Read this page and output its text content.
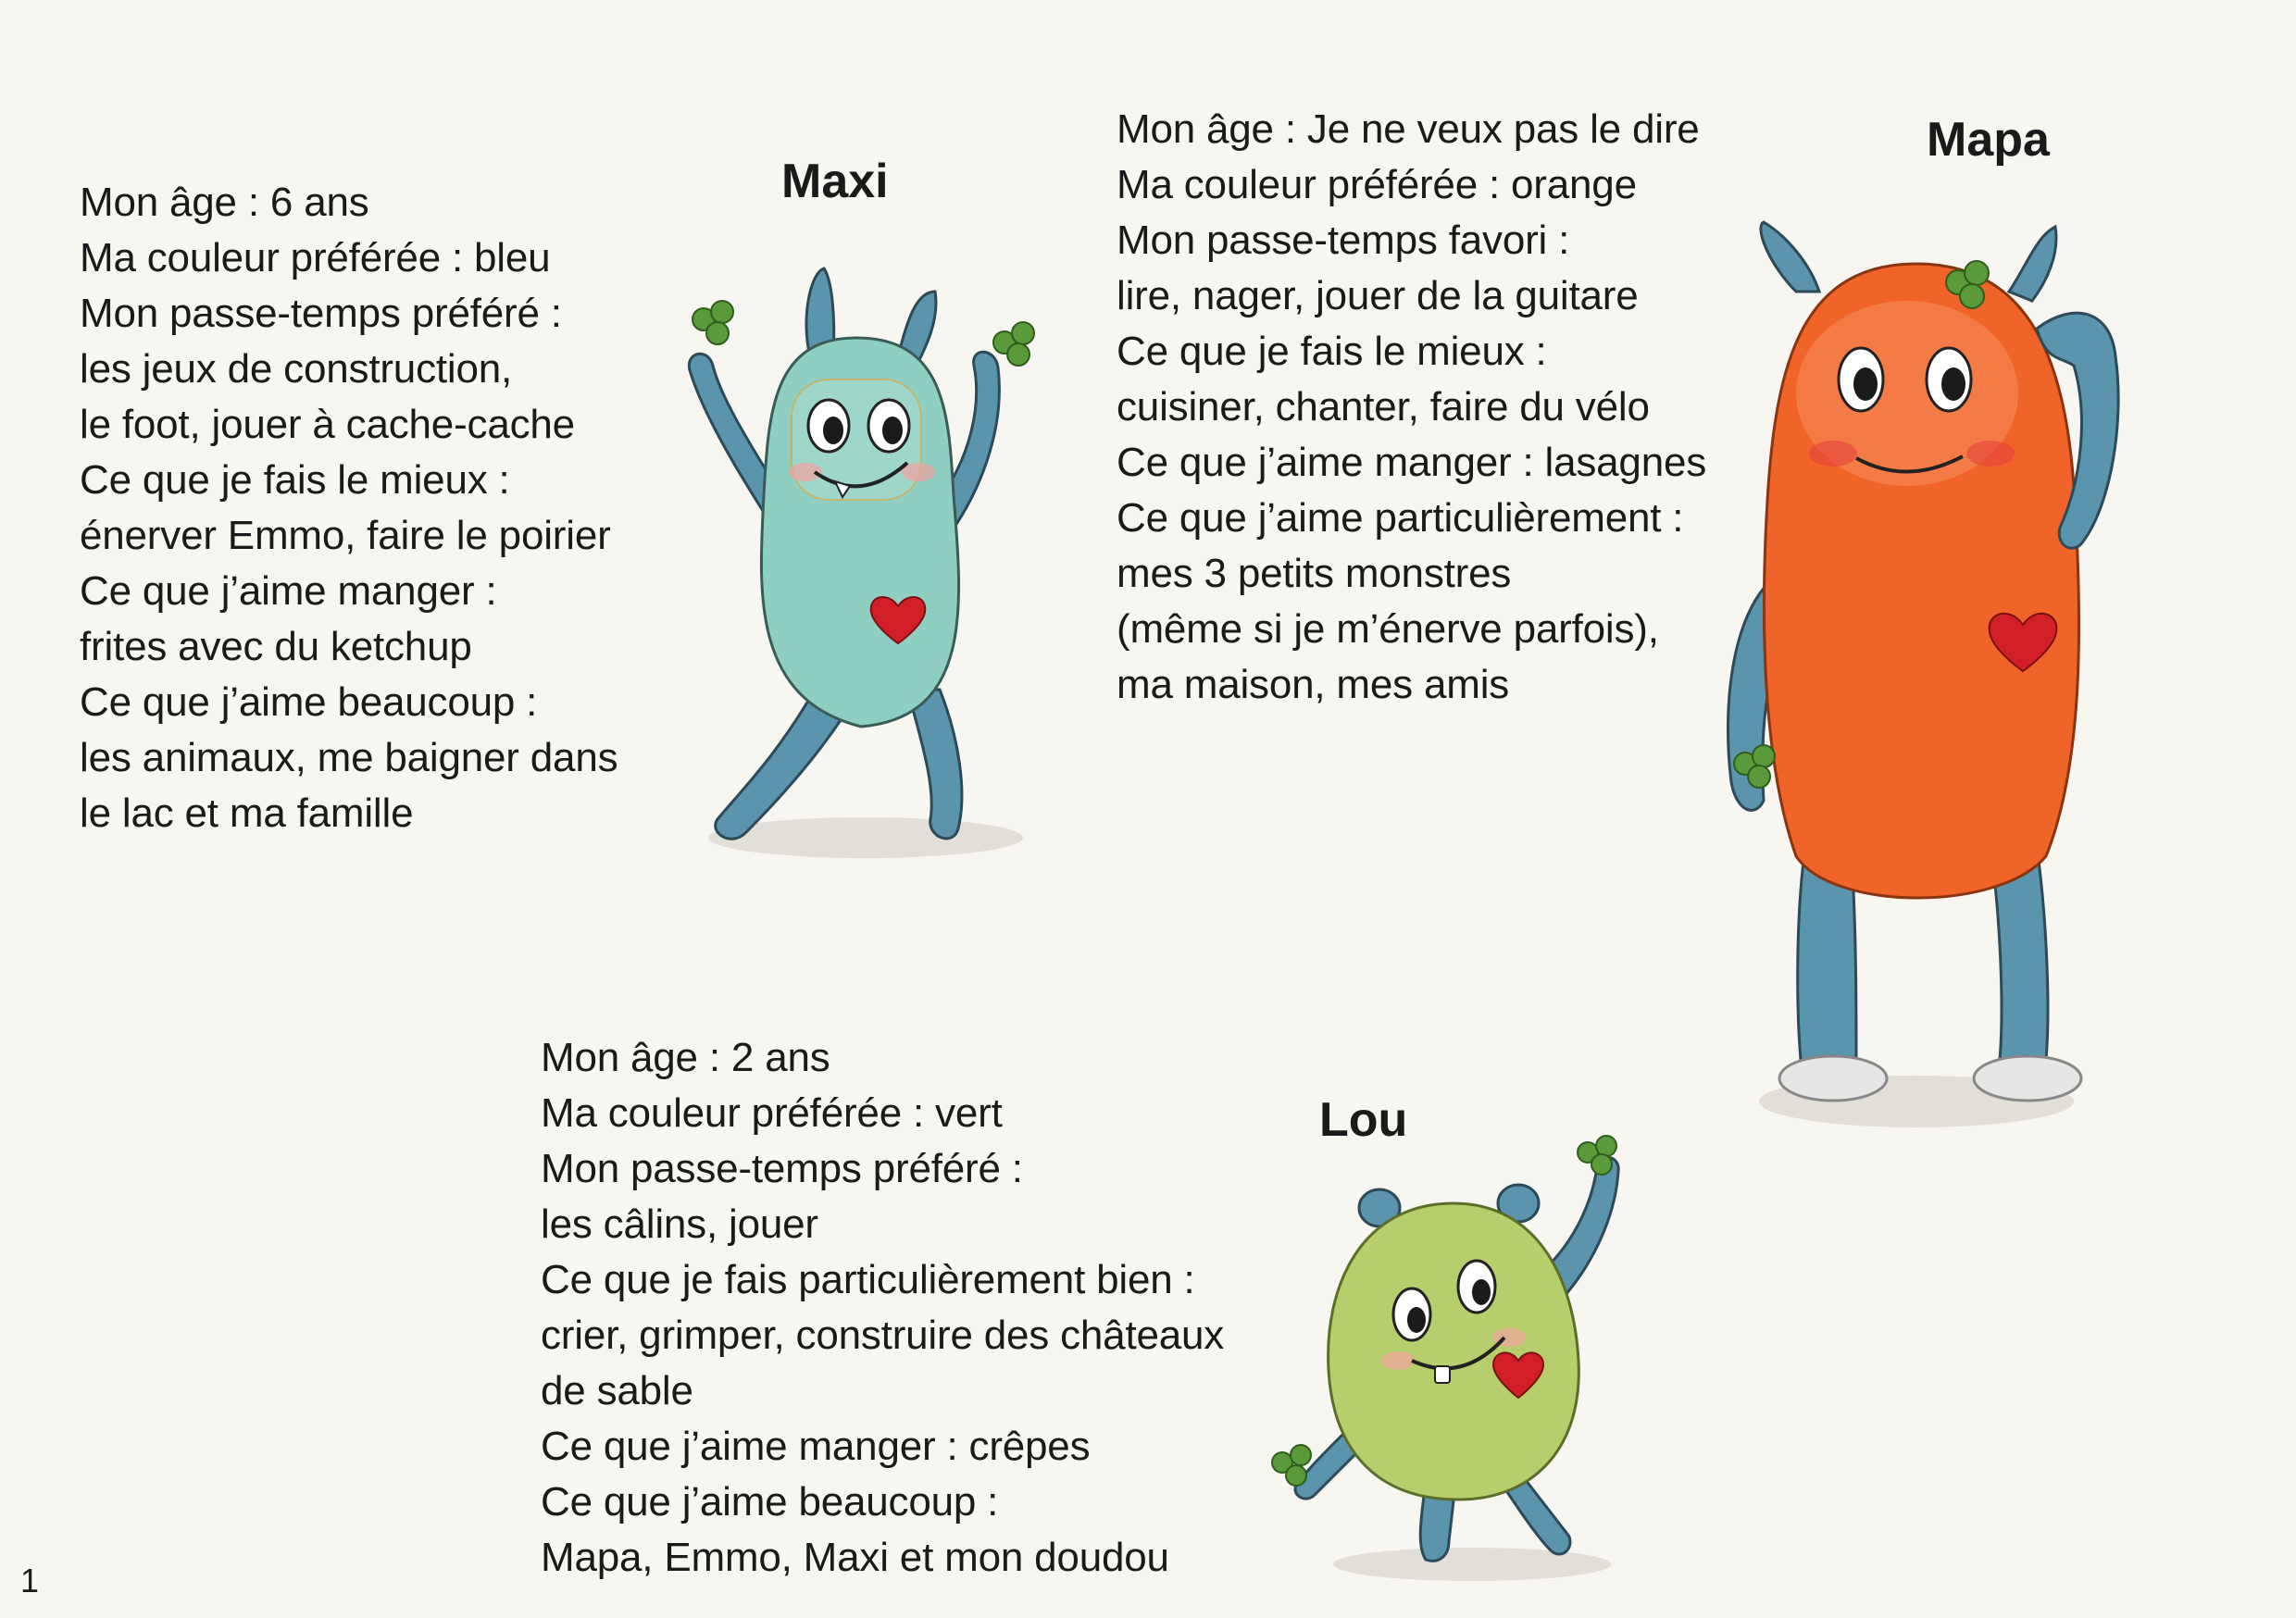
Mon âge : 6 ans
Ma couleur préférée : bleu
Mon passe-temps préféré :
les jeux de construction,
le foot, jouer à cache-cache
Ce que je fais le mieux :
énerver Emmo, faire le poirier
Ce que j’aime manger :
frites avec du ketchup
Ce que j’aime beaucoup :
les animaux, me baigner dans
le lac et ma famille
Maxi
Mon âge : Je ne veux pas le dire
Ma couleur préférée : orange
Mon passe-temps favori :
lire, nager, jouer de la guitare
Ce que je fais le mieux :
cuisiner, chanter, faire du vélo
Ce que j’aime manger : lasagnes
Ce que j’aime particulièrement :
mes 3 petits monstres
(même si je m’énerve parfois),
ma maison, mes amis
Mapa
Mon âge : 2 ans
Ma couleur préférée : vert
Mon passe-temps préféré :
les câlins, jouer
Ce que je fais particulièrement bien :
crier, grimper, construire des châteaux
de sable
Ce que j’aime manger : crêpes
Ce que j’aime beaucoup :
Mapa, Emmo, Maxi et mon doudou
Lou
1
